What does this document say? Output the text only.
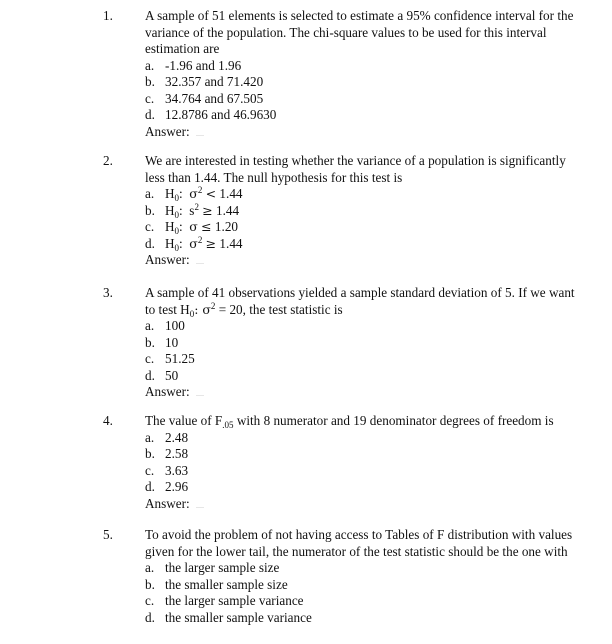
1.	A sample of 51 elements is selected to estimate a 95% confidence interval for the
variance of the population. The chi-square values to be used for this interval
estimation are
a. -1.96 and 1.96
b. 32.357 and 71.420
c. 34.764 and 67.505
d. 12.8786 and 46.9630
Answer:
2.	We are interested in testing whether the variance of a population is significantly
less than 1.44. The null hypothesis for this test is
a. $H_0$: $\sigma^2 < 1.44$
b. $H_0$: $s^2 \ge 1.44$
c. $H_0$: σ ≤ 1.20
d. $H_0$: $\sigma^2 \ge 1.44$
Answer:
3.	A sample of 41 observations yielded a sample standard deviation of 5. If we want
to test $H_0$: $\sigma^2 = 20$, the test statistic is
a. 100
b. 10
c. 51.25
d. 50
Answer:
4.	The value of $F_{.05}$ with 8 numerator and 19 denominator degrees of freedom is
a. 2.48
b. 2.58
c. 3.63
d. 2.96
Answer:
5.	To avoid the problem of not having access to Tables of F distribution with values
given for the lower tail, the numerator of the test statistic should be the one with
a. the larger sample size
b. the smaller sample size
c. the larger sample variance
d. the smaller sample variance
